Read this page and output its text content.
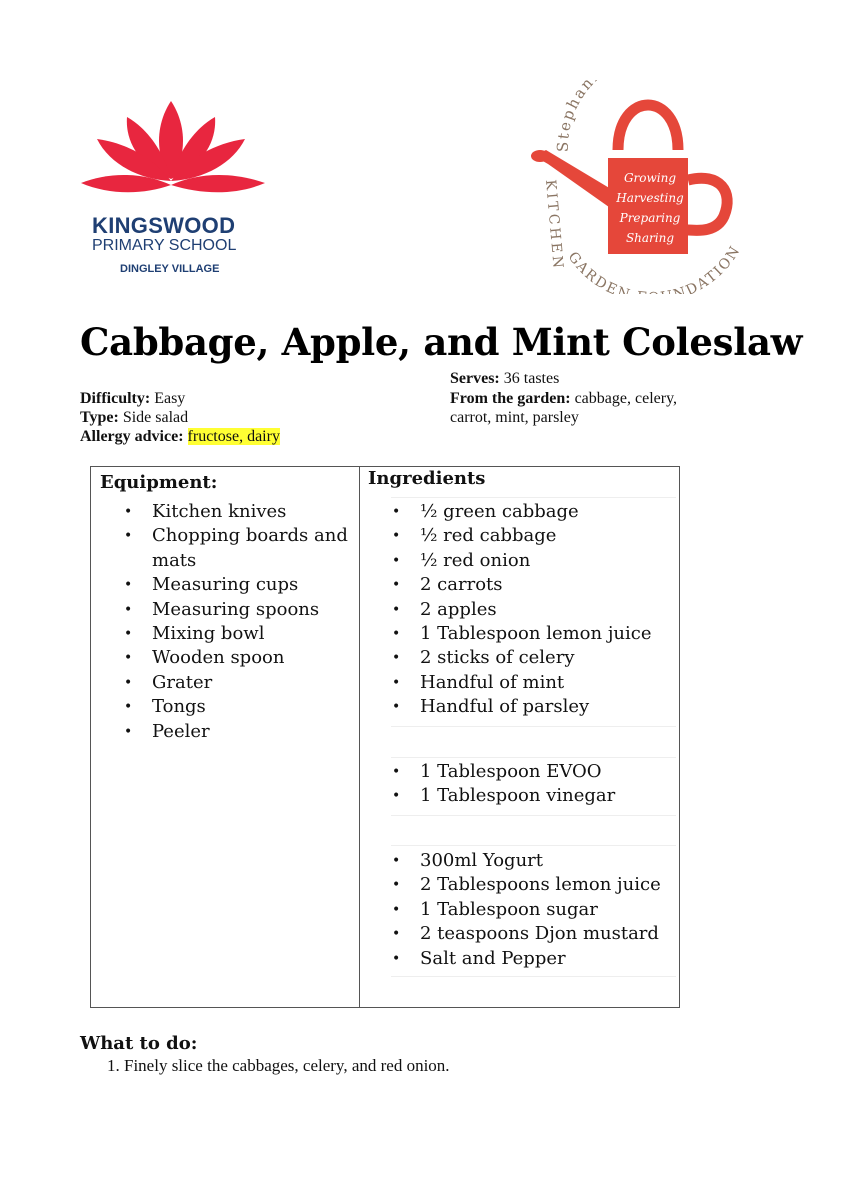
KINGSWOOD
PRIMARY SCHOOL
DINGLEY VILLAGE
Growing
Harvesting
Preparing
Sharing
Stephan
KITCHEN
GARDEN NDATION
Cabbage, Apple, and Mint Coleslaw
Difficulty: Easy
Type: Side salad
Allergy advice: fructose, dairy
Serves: 36 tastes
From the garden: cabbage, celery,
carrot, mint, parsley
Equipment:	Ingredients
• Kitchen knives
• Chopping boards and
mats
• Measuring cups
• Measuring spoons
• Mixing bowl
• Wooden spoon
• Grater
• Tongs
• Peeler
• ½ green cabbage
• ½ red cabbage
• ½ red onion
• 2 carrots
• 2 apples
• 1 Tablespoon lemon juice
• 2 sticks of celery
• Handful of mint
• Handful of parsley
• 1 Tablespoon EVOO
• 1 Tablespoon vinegar
• 300ml Yogurt
• 2 Tablespoons lemon juice
• 1 Tablespoon sugar
• 2 teaspoons Djon mustard
• Salt and Pepper
What to do:
1. Finely slice the cabbages, celery, and red onion.
